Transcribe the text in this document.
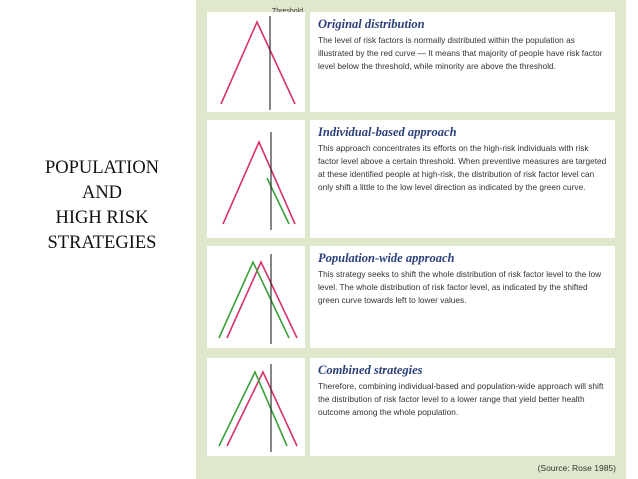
POPULATION
AND
HIGH RISK
STRATEGIES
Original distribution
The level of risk factors is normally distributed within the population as illustrated by the red curve — It means that majority of people have risk factor level below the threshold, while minority are above the threshold.
Individual-based approach
This approach concentrates its efforts on the high-risk individuals with risk factor level above a certain threshold. When preventive measures are targeted at these identified people at high-risk, the distribution of risk factor level can only shift a little to the low level direction as indicated by the green curve.
Population-wide approach
This strategy seeks to shift the whole distribution of risk factor level to the low level. The whole distribution of risk factor level, as indicated by the shifted green curve towards left to lower values.
Combined strategies
Therefore, combining individual-based and population-wide approach will shift the distribution of risk factor level to a lower range that yield better health outcome among the whole population.
(Source: Rose 1985)
